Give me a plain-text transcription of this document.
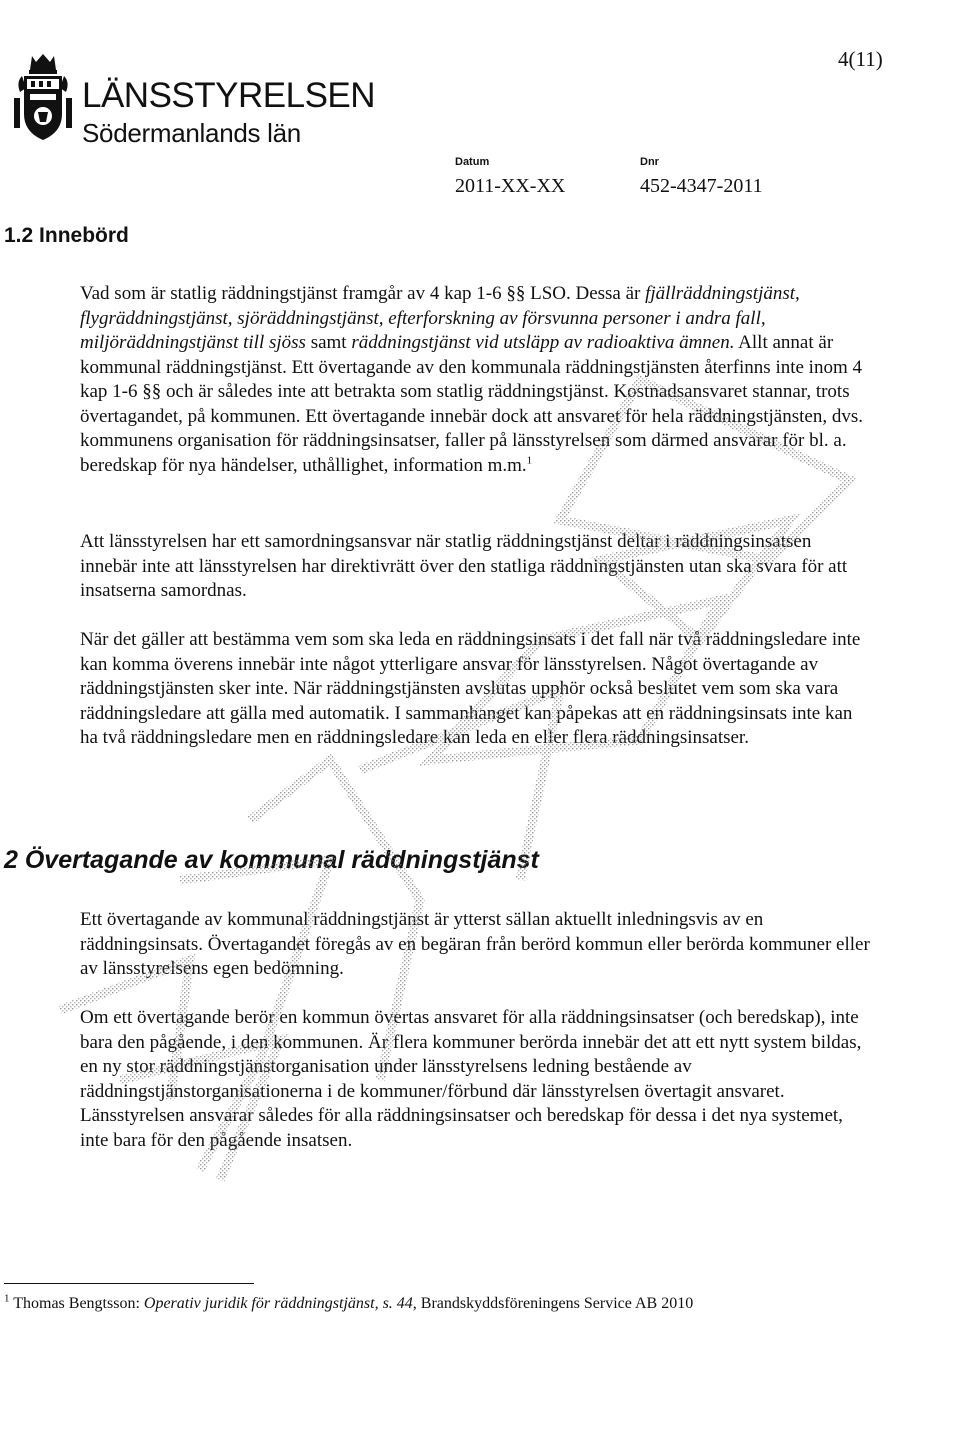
LÄNSSTYRELSEN
Södermanlands län
4(11)
Datum
2011-XX-XX
Dnr
452-4347-2011
1.2 Innebörd

Vad som är statlig räddningstjänst framgår av 4 kap 1-6 §§ LSO. Dessa är fjällräddningstjänst, flygräddningstjänst, sjöräddningstjänst, efterforskning av försvunna personer i andra fall, miljöräddningstjänst till sjöss samt räddningstjänst vid utsläpp av radioaktiva ämnen. Allt annat är kommunal räddningstjänst. Ett övertagande av den kommunala räddningstjänsten återfinns inte inom 4 kap 1-6 §§ och är således inte att betrakta som statlig räddningstjänst. Kostnadsansvaret stannar, trots övertagandet, på kommunen. Ett övertagande innebär dock att ansvaret för hela räddningstjänsten, dvs. kommunens organisation för räddningsinsatser, faller på länsstyrelsen som därmed ansvarar för bl. a. beredskap för nya händelser, uthållighet, information m.m.$^1$

Att länsstyrelsen har ett samordningsansvar när statlig räddningstjänst deltar i räddningsinsatsen innebär inte att länsstyrelsen har direktivrätt över den statliga räddningstjänsten utan ska svara för att insatserna samordnas.

När det gäller att bestämma vem som ska leda en räddningsinsats i det fall när två räddningsledare inte kan komma överens innebär inte något ytterligare ansvar för länsstyrelsen. Något övertagande av räddningstjänsten sker inte. När räddningstjänsten avslutas upphör också beslutet vem som ska vara räddningsledare att gälla med automatik. I sammanhanget kan påpekas att en räddningsinsats inte kan ha två räddningsledare men en räddningsledare kan leda en eller flera räddningsinsatser.

2 Övertagande av kommunal räddningstjänst

Ett övertagande av kommunal räddningstjänst är ytterst sällan aktuellt inledningsvis av en räddningsinsats. Övertagandet föregås av en begäran från berörd kommun eller berörda kommuner eller av länsstyrelsens egen bedömning.

Om ett övertagande berör en kommun övertas ansvaret för alla räddningsinsatser (och beredskap), inte bara den pågående, i den kommunen. Är flera kommuner berörda innebär det att ett nytt system bildas, en ny stor räddningstjänstorganisation under länsstyrelsens ledning bestående av räddningstjänstorganisationerna i de kommuner/förbund där länsstyrelsen övertagit ansvaret. Länsstyrelsen ansvarar således för alla räddningsinsatser och beredskap för dessa i det nya systemet, inte bara för den pågående insatsen.

$^1$ Thomas Bengtsson: Operativ juridik för räddningstjänst, s. 44, Brandskyddsföreningens Service AB 2010
